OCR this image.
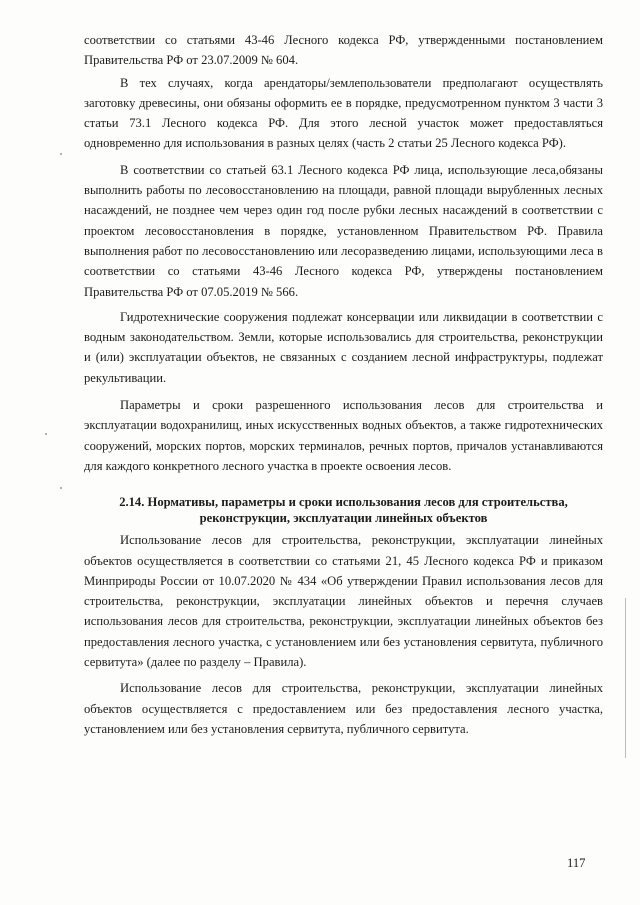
соответствии со статьями 43-46 Лесного кодекса РФ, утвержденными постановлением Правительства РФ от 23.07.2009 № 604.

В тех случаях, когда арендаторы/землепользователи предполагают осуществлять заготовку древесины, они обязаны оформить ее в порядке, предусмотренном пунктом 3 части 3 статьи 73.1 Лесного кодекса РФ. Для этого лесной участок может предоставляться одновременно для использования в разных целях (часть 2 статьи 25 Лесного кодекса РФ).

В соответствии со статьей 63.1 Лесного кодекса РФ лица, использующие леса,обязаны выполнить работы по лесовосстановлению на площади, равной площади вырубленных лесных насаждений, не позднее чем через один год после рубки лесных насаждений в соответствии с проектом лесовосстановления в порядке, установленном Правительством РФ. Правила выполнения работ по лесовосстановлению или лесоразведению лицами, использующими леса в соответствии со статьями 43-46 Лесного кодекса РФ, утверждены постановлением Правительства РФ от 07.05.2019 № 566.

Гидротехнические сооружения подлежат консервации или ликвидации в соответствии с водным законодательством. Земли, которые использовались для строительства, реконструкции и (или) эксплуатации объектов, не связанных с созданием лесной инфраструктуры, подлежат рекультивации.

Параметры и сроки разрешенного использования лесов для строительства и эксплуатации водохранилищ, иных искусственных водных объектов, а также гидротехнических сооружений, морских портов, морских терминалов, речных портов, причалов устанавливаются для каждого конкретного лесного участка в проекте освоения лесов.

2.14. Нормативы, параметры и сроки использования лесов для строительства,
реконструкции, эксплуатации линейных объектов

Использование лесов для строительства, реконструкции, эксплуатации линейных объектов осуществляется в соответствии со статьями 21, 45 Лесного кодекса РФ и приказом Минприроды России от 10.07.2020 № 434 «Об утверждении Правил использования лесов для строительства, реконструкции, эксплуатации линейных объектов и перечня случаев использования лесов для строительства, реконструкции, эксплуатации линейных объектов без предоставления лесного участка, с установлением или без установления сервитута, публичного сервитута» (далее по разделу – Правила).

Использование лесов для строительства, реконструкции, эксплуатации линейных объектов осуществляется с предоставлением или без предоставления лесного участка, установлением или без установления сервитута, публичного сервитута.

117
